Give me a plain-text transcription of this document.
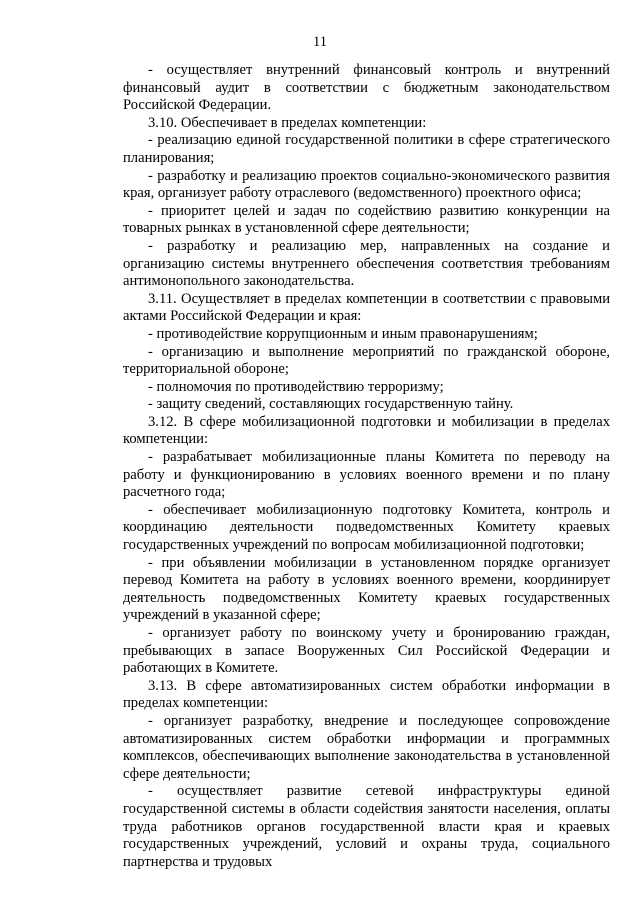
11

- осуществляет внутренний финансовый контроль и внутренний финансовый аудит в соответствии с бюджетным законодательством Российской Федерации.

3.10. Обеспечивает в пределах компетенции:

- реализацию единой государственной политики в сфере стратегического планирования;

- разработку и реализацию проектов социально-экономического развития края, организует работу отраслевого (ведомственного) проектного офиса;

- приоритет целей и задач по содействию развитию конкуренции на товарных рынках в установленной сфере деятельности;

- разработку и реализацию мер, направленных на создание и организацию системы внутреннего обеспечения соответствия требованиям антимонопольного законодательства.

3.11. Осуществляет в пределах компетенции в соответствии с правовыми актами Российской Федерации и края:

- противодействие коррупционным и иным правонарушениям;

- организацию и выполнение мероприятий по гражданской обороне, территориальной обороне;

- полномочия по противодействию терроризму;

- защиту сведений, составляющих государственную тайну.

3.12. В сфере мобилизационной подготовки и мобилизации в пределах компетенции:

- разрабатывает мобилизационные планы Комитета по переводу на работу и функционированию в условиях военного времени и по плану расчетного года;

- обеспечивает мобилизационную подготовку Комитета, контроль и координацию деятельности подведомственных Комитету краевых государственных учреждений по вопросам мобилизационной подготовки;

- при объявлении мобилизации в установленном порядке организует перевод Комитета на работу в условиях военного времени, координирует деятельность подведомственных Комитету краевых государственных учреждений в указанной сфере;

- организует работу по воинскому учету и бронированию граждан, пребывающих в запасе Вооруженных Сил Российской Федерации и работающих в Комитете.

3.13. В сфере автоматизированных систем обработки информации в пределах компетенции:

- организует разработку, внедрение и последующее сопровождение автоматизированных систем обработки информации и программных комплексов, обеспечивающих выполнение законодательства в установленной сфере деятельности;

- осуществляет развитие сетевой инфраструктуры единой государственной системы в области содействия занятости населения, оплаты труда работников органов государственной власти края и краевых государственных учреждений, условий и охраны труда, социального партнерства и трудовых
